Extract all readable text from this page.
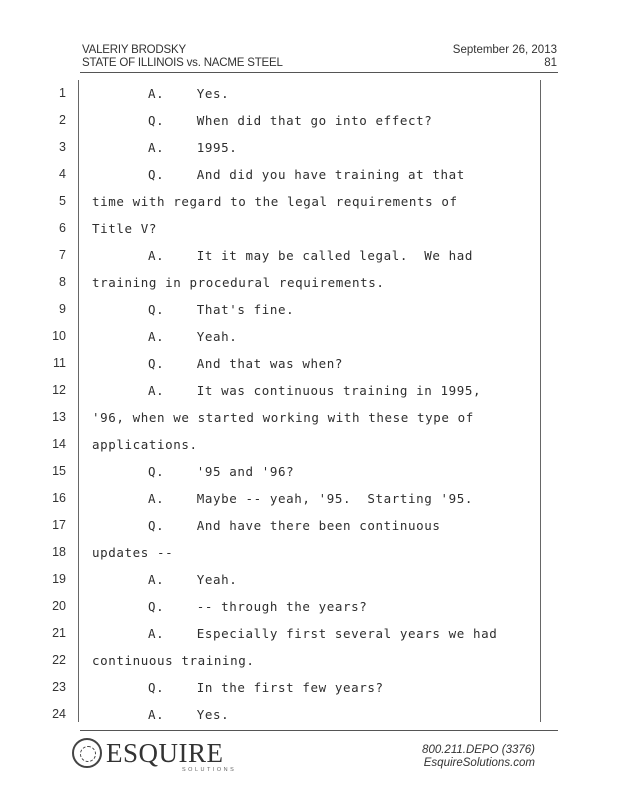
VALERIY BRODSKY
STATE OF ILLINOIS vs. NACME STEEL
September 26, 2013
81
1	A.    Yes.
2	Q.    When did that go into effect?
3	A.    1995.
4	Q.    And did you have training at that
5 time with regard to the legal requirements of
6 Title V?
7	A.    It it may be called legal.  We had
8 training in procedural requirements.
9	Q.    That's fine.
10	A.    Yeah.
11	Q.    And that was when?
12	A.    It was continuous training in 1995,
13 '96, when we started working with these type of
14 applications.
15	Q.    '95 and '96?
16	A.    Maybe -- yeah, '95.  Starting '95.
17	Q.    And have there been continuous
18 updates --
19	A.    Yeah.
20	Q.    -- through the years?
21	A.    Especially first several years we had
22 continuous training.
23	Q.    In the first few years?
24	A.    Yes.
ESQUIRE
SOLUTIONS
800.211.DEPO (3376)
EsquireSolutions.com
